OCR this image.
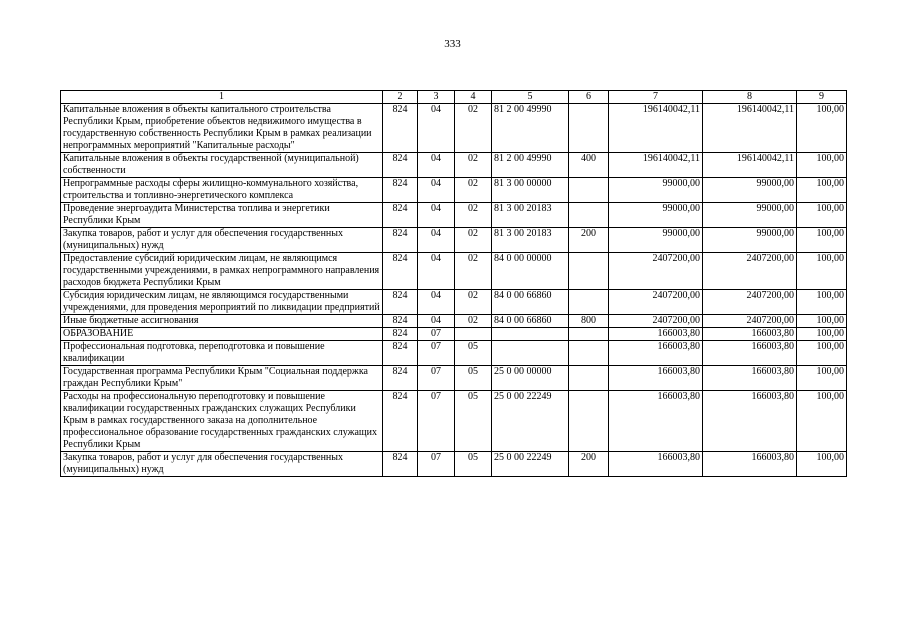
333
1	2	3	4	5	6	7	8	9
Капитальные вложения в объекты капитального строительства Республики Крым, приобретение объектов недвижимого имущества в государственную собственность Республики Крым в рамках реализации непрограммных мероприятий "Капитальные расходы"	824	04	02	81 2 00 49990		196140042,11	196140042,11	100,00
Капитальные вложения в объекты государственной (муниципальной) собственности	824	04	02	81 2 00 49990	400	196140042,11	196140042,11	100,00
Непрограммные расходы сферы жилищно-коммунального хозяйства, строительства и топливно-энергетического комплекса	824	04	02	81 3 00 00000		99000,00	99000,00	100,00
Проведение энергоаудита Министерства топлива и энергетики Республики Крым	824	04	02	81 3 00 20183		99000,00	99000,00	100,00
Закупка товаров, работ и услуг для обеспечения государственных (муниципальных) нужд	824	04	02	81 3 00 20183	200	99000,00	99000,00	100,00
Предоставление субсидий юридическим лицам, не являющимся государственными учреждениями, в рамках непрограммного направления расходов бюджета Республики Крым	824	04	02	84 0 00 00000		2407200,00	2407200,00	100,00
Субсидия юридическим лицам, не являющимся государственными учреждениями, для проведения мероприятий по ликвидации предприятий	824	04	02	84 0 00 66860		2407200,00	2407200,00	100,00
Иные бюджетные ассигнования	824	04	02	84 0 00 66860	800	2407200,00	2407200,00	100,00
ОБРАЗОВАНИЕ	824	07				166003,80	166003,80	100,00
Профессиональная подготовка, переподготовка и повышение квалификации	824	07	05			166003,80	166003,80	100,00
Государственная программа Республики Крым "Социальная поддержка граждан Республики Крым"	824	07	05	25 0 00 00000		166003,80	166003,80	100,00
Расходы на профессиональную переподготовку и повышение квалификации государственных гражданских служащих Республики Крым в рамках государственного заказа на дополнительное профессиональное образование государственных гражданских служащих Республики Крым	824	07	05	25 0 00 22249		166003,80	166003,80	100,00
Закупка товаров, работ и услуг для обеспечения государственных (муниципальных) нужд	824	07	05	25 0 00 22249	200	166003,80	166003,80	100,00
